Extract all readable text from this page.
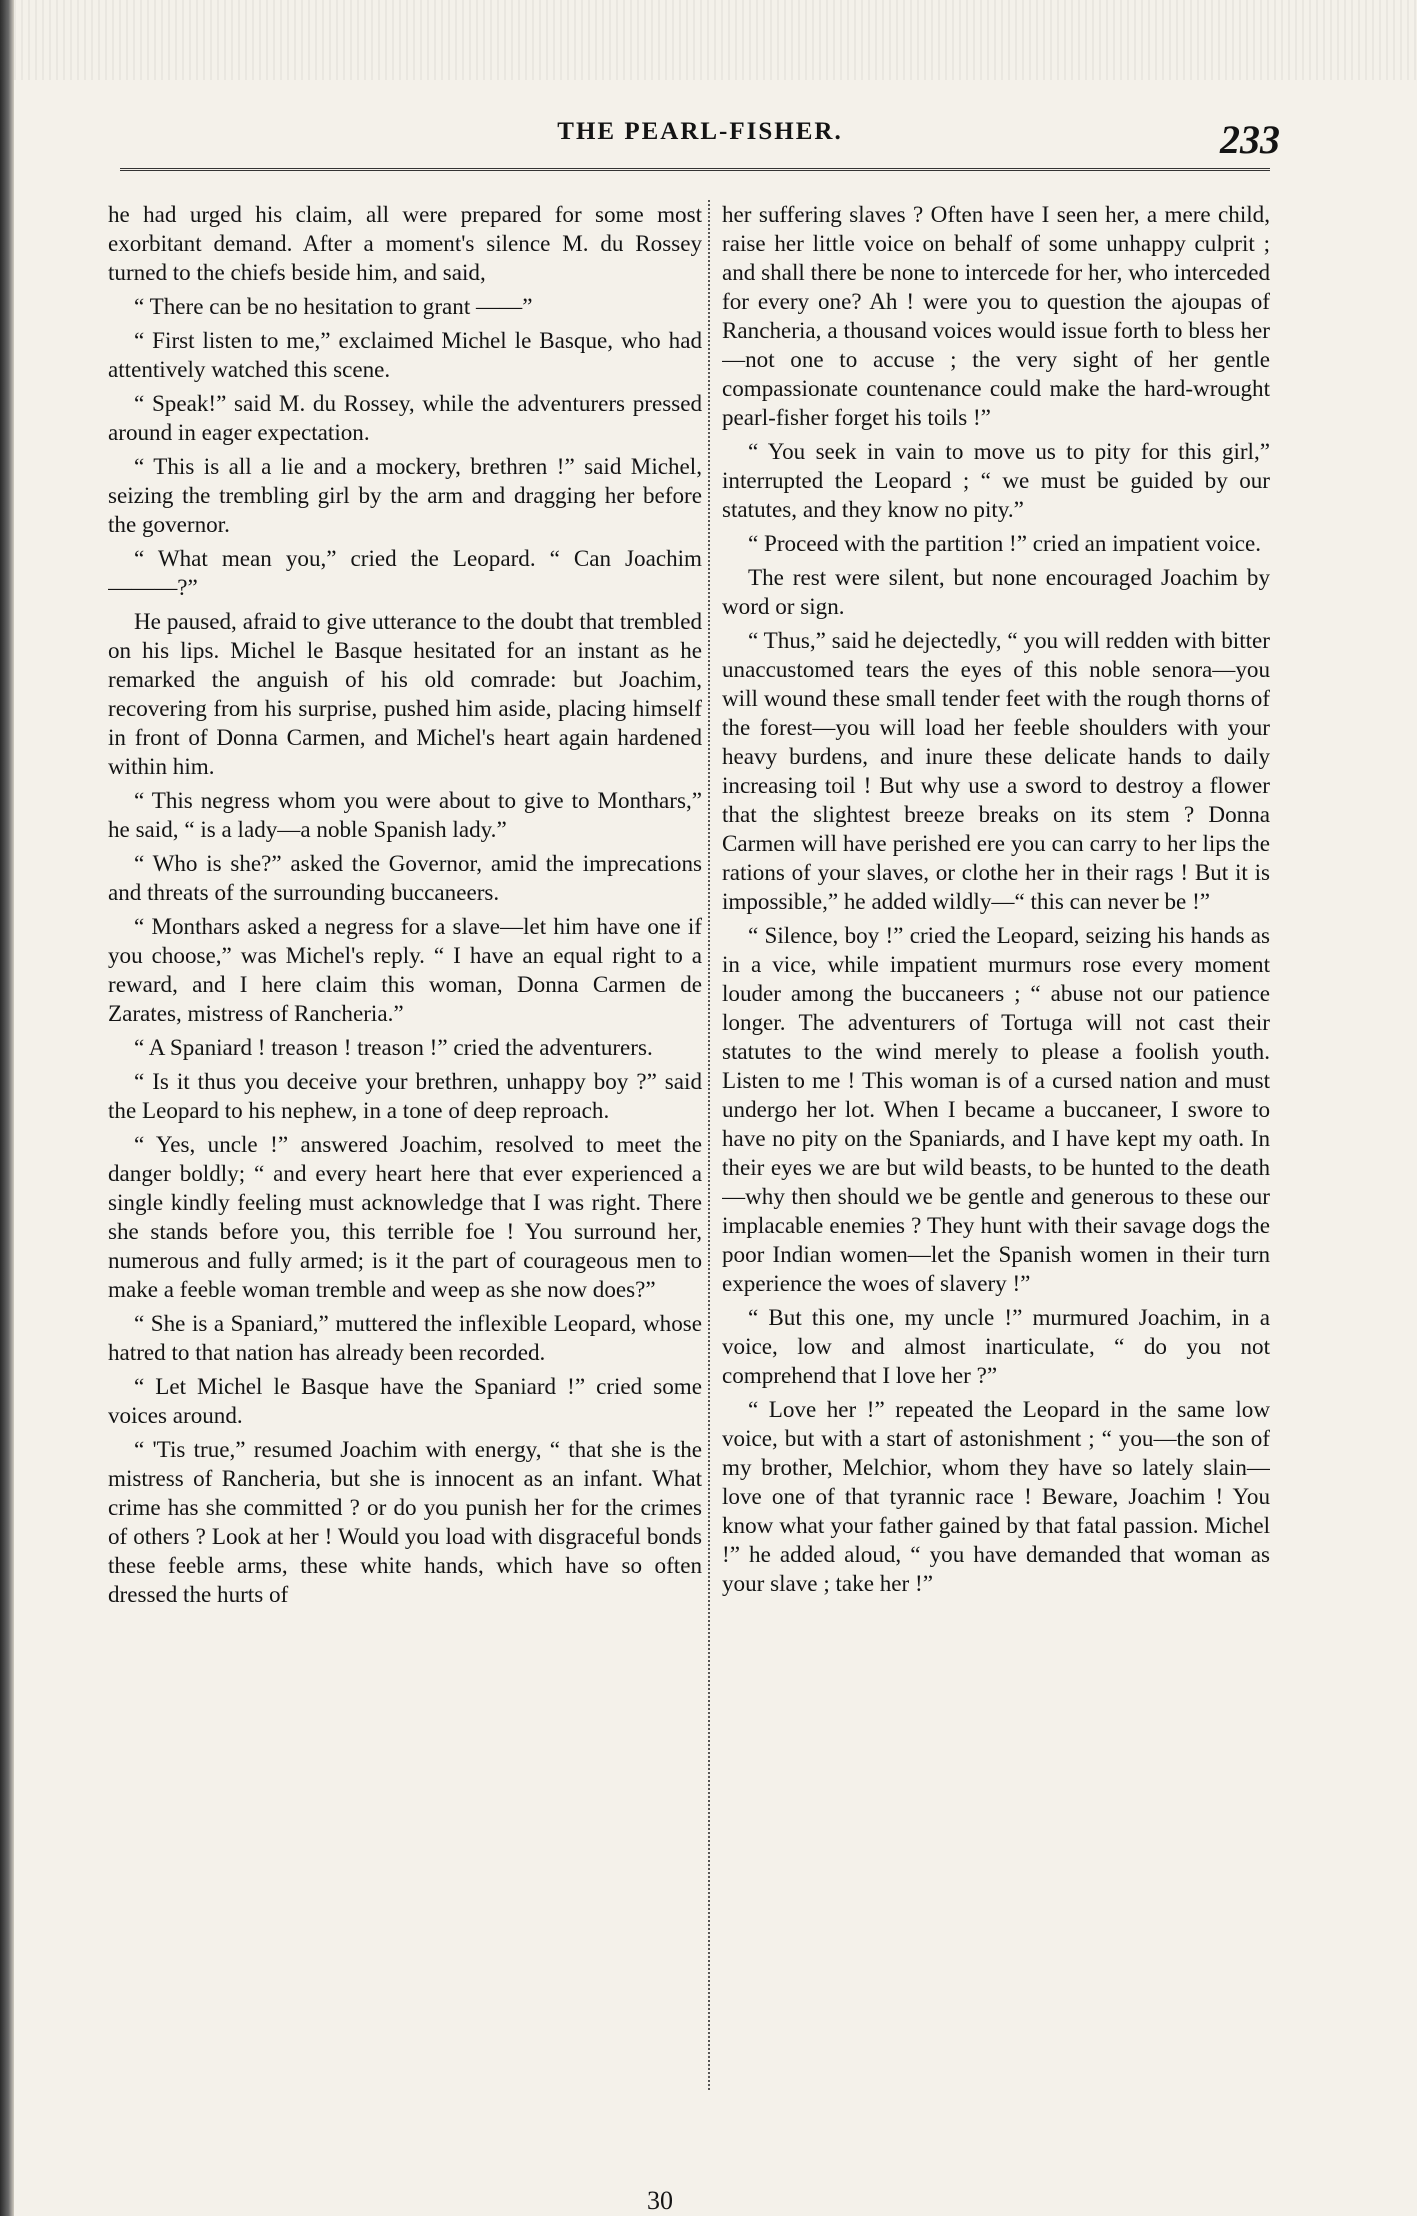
THE PEARL-FISHER.	233

he had urged his claim, all were prepared for some most exorbitant demand. After a moment's silence M. du Rossey turned to the chiefs beside him, and said,

“ There can be no hesitation to grant ——”

“ First listen to me,” exclaimed Michel le Basque, who had attentively watched this scene.

“ Speak!” said M. du Rossey, while the adventurers pressed around in eager expectation.

“ This is all a lie and a mockery, brethren !” said Michel, seizing the trembling girl by the arm and dragging her before the governor.

“ What mean you,” cried the Leopard. “ Can Joachim———?”

He paused, afraid to give utterance to the doubt that trembled on his lips. Michel le Basque hesitated for an instant as he remarked the anguish of his old comrade: but Joachim, recovering from his surprise, pushed him aside, placing himself in front of Donna Carmen, and Michel's heart again hardened within him.

“ This negress whom you were about to give to Monthars,” he said, “ is a lady—a noble Spanish lady.”

“ Who is she?” asked the Governor, amid the imprecations and threats of the surrounding buccaneers.

“ Monthars asked a negress for a slave—let him have one if you choose,” was Michel's reply. “ I have an equal right to a reward, and I here claim this woman, Donna Carmen de Zarates, mistress of Rancheria.”

“ A Spaniard ! treason ! treason !” cried the adventurers.

“ Is it thus you deceive your brethren, unhappy boy ?” said the Leopard to his nephew, in a tone of deep reproach.

“ Yes, uncle !” answered Joachim, resolved to meet the danger boldly; “ and every heart here that ever experienced a single kindly feeling must acknowledge that I was right. There she stands before you, this terrible foe ! You surround her, numerous and fully armed; is it the part of courageous men to make a feeble woman tremble and weep as she now does?”

“ She is a Spaniard,” muttered the inflexible Leopard, whose hatred to that nation has already been recorded.

“ Let Michel le Basque have the Spaniard !” cried some voices around.

“ 'Tis true,” resumed Joachim with energy, “ that she is the mistress of Rancheria, but she is innocent as an infant. What crime has she committed ? or do you punish her for the crimes of others ? Look at her ! Would you load with disgraceful bonds these feeble arms, these white hands, which have so often dressed the hurts of

her suffering slaves ? Often have I seen her, a mere child, raise her little voice on behalf of some unhappy culprit ; and shall there be none to intercede for her, who interceded for every one? Ah ! were you to question the ajoupas of Rancheria, a thousand voices would issue forth to bless her—not one to accuse ; the very sight of her gentle compassionate countenance could make the hard-wrought pearl-fisher forget his toils !”

“ You seek in vain to move us to pity for this girl,” interrupted the Leopard ; “ we must be guided by our statutes, and they know no pity.”

“ Proceed with the partition !” cried an impatient voice.

The rest were silent, but none encouraged Joachim by word or sign.

“ Thus,” said he dejectedly, “ you will redden with bitter unaccustomed tears the eyes of this noble senora—you will wound these small tender feet with the rough thorns of the forest—you will load her feeble shoulders with your heavy burdens, and inure these delicate hands to daily increasing toil ! But why use a sword to destroy a flower that the slightest breeze breaks on its stem ? Donna Carmen will have perished ere you can carry to her lips the rations of your slaves, or clothe her in their rags ! But it is impossible,” he added wildly—“ this can never be !”

“ Silence, boy !” cried the Leopard, seizing his hands as in a vice, while impatient murmurs rose every moment louder among the buccaneers ; “ abuse not our patience longer. The adventurers of Tortuga will not cast their statutes to the wind merely to please a foolish youth. Listen to me ! This woman is of a cursed nation and must undergo her lot. When I became a buccaneer, I swore to have no pity on the Spaniards, and I have kept my oath. In their eyes we are but wild beasts, to be hunted to the death—why then should we be gentle and generous to these our implacable enemies ? They hunt with their savage dogs the poor Indian women—let the Spanish women in their turn experience the woes of slavery !”

“ But this one, my uncle !” murmured Joachim, in a voice, low and almost inarticulate, “ do you not comprehend that I love her ?”

“ Love her !” repeated the Leopard in the same low voice, but with a start of astonishment ; “ you—the son of my brother, Melchior, whom they have so lately slain—love one of that tyrannic race ! Beware, Joachim ! You know what your father gained by that fatal passion. Michel !” he added aloud, “ you have demanded that woman as your slave ; take her !”

30
